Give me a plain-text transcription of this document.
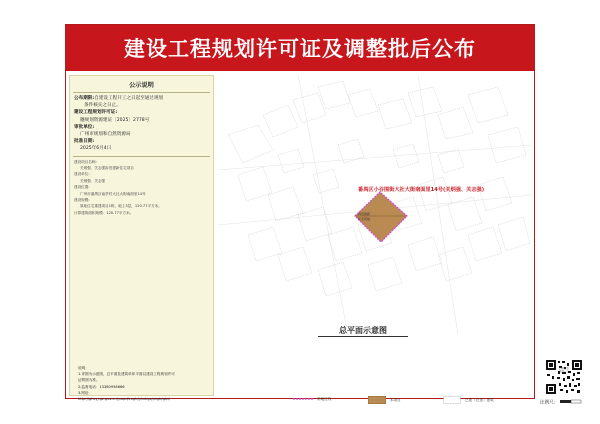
建设工程规划许可证及调整批后公布
公示说明
公布期限:自建设工程开工之日起至通过规划
条件核实之日止。
建设工程规划许可证:
穗规划资源建证〔2025〕2778号
审批单位:
广州市规划和自然资源局
批准日期:
2025年6月4日
建设项目名称:
关炳强、关志强拆旧建新住宅项目
建设单位:
关炳强、关志强
建设位置:
广州市番禺区南亭村大社大街南面里14号
建设规模:
原址住宅重建项目1栋，地上3层，120.77平方米。
计算建筑面积规模：120.77平方米。
说明：
1.详图为示意图，总平面及建筑单体平面以建设工程规划许可
证附图为准。
2.监督电话：13380958666
3.网址：
http://ghzyj.gz.gov.cn/ywpd/csgh/ghxkgs/phgb/gbt/
拆旧建新
住宅用地
番禺区小谷围街大社大街南面里14号(关炳强、关志强)
总平面示意图
用地红线	本项目	已建（在建）建筑
比例尺：
扫码查看
规划公示
